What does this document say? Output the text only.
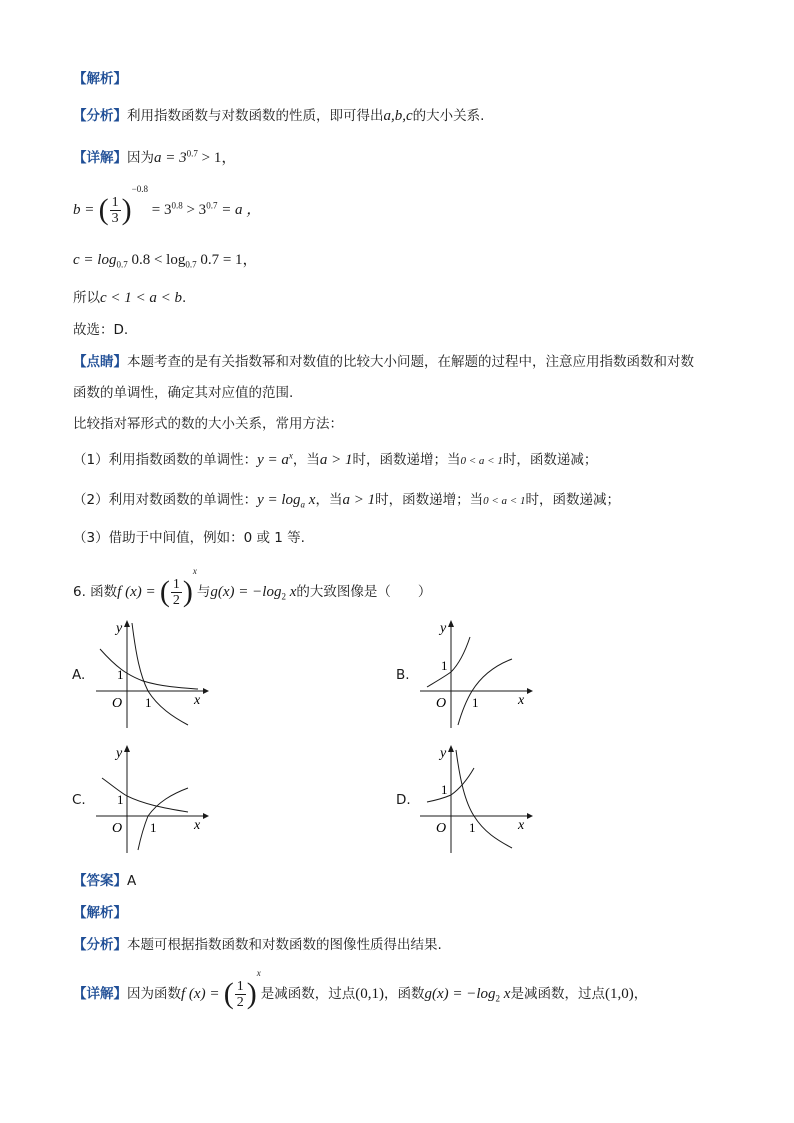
【解析】
【分析】利用指数函数与对数函数的性质，即可得出a,b,c的大小关系.
【详解】因为$a = 3^{0.7} > 1$，
b = ( $\frac{1}{3} )^{-0.8} = 3^{0.8} > 3^{0.7} = a$ ，
$c = \log_{0.7} 0.8 < \log_{0.7} 0.7 = 1$，
所以c < 1 < a < b.
故选：D.
【点睛】本题考查的是有关指数幂和对数值的比较大小问题，在解题的过程中，注意应用指数函数和对数
函数的单调性，确定其对应值的范围.
比较指对幂形式的数的大小关系，常用方法：
（1）利用指数函数的单调性：$y = a^x$，当a > 1时，函数递增；当0 < a < 1时，函数递减；
（2）利用对数函数的单调性：$y = \log_a x$，当a > 1时，函数递增；当0 < a < 1时，函数递减；
（3）借助于中间值，例如：0 或 1 等.
6. 函数f (x) = ( $\frac{1}{2} )^x$与$g(x) = -\log_2$ x的大致图像是（　　）
A.
y
x
O
1
1
B.
y
x
O
1
1
C.
y
x
O
1
1
D.
y
x
O
1
1
【答案】A
【解析】
【分析】本题可根据指数函数和对数函数的图像性质得出结果.
【详解】因为函数f (x) = ( $\frac{1}{2} )^x$是减函数，过点(0,1)，函数$g(x) = -\log_2$ x是减函数，过点(1,0)，
